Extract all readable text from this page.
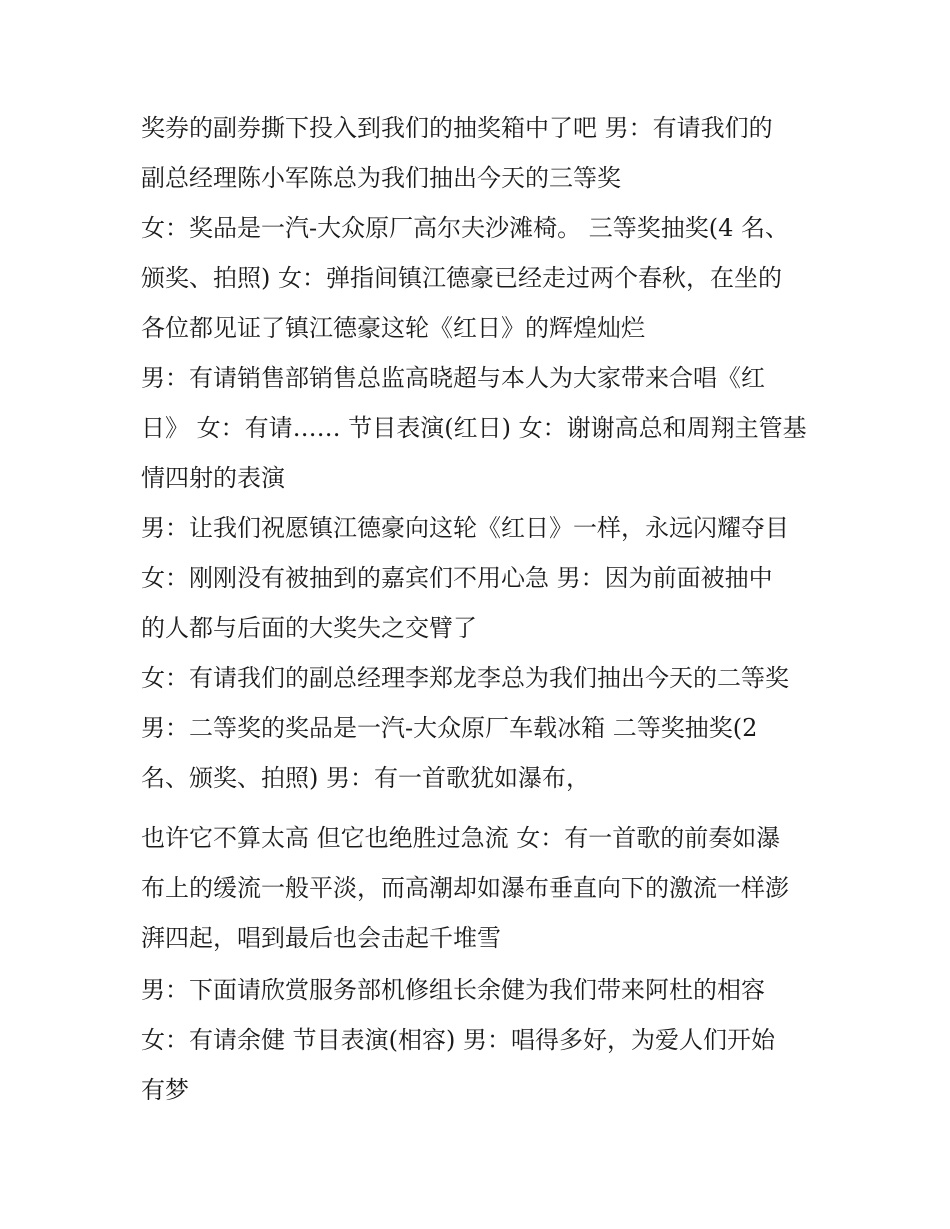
奖券的副券撕下投入到我们的抽奖箱中了吧 男：有请我们的
副总经理陈小军陈总为我们抽出今天的三等奖
女：奖品是一汽-大众原厂高尔夫沙滩椅。 三等奖抽奖(4 名、
颁奖、拍照) 女：弹指间镇江德豪已经走过两个春秋，在坐的
各位都见证了镇江德豪这轮《红日》的辉煌灿烂
男：有请销售部销售总监高晓超与本人为大家带来合唱《红
日》 女：有请…… 节目表演(红日) 女：谢谢高总和周翔主管基
情四射的表演
男：让我们祝愿镇江德豪向这轮《红日》一样，永远闪耀夺目
女：刚刚没有被抽到的嘉宾们不用心急 男：因为前面被抽中
的人都与后面的大奖失之交臂了
女：有请我们的副总经理李郑龙李总为我们抽出今天的二等奖
男：二等奖的奖品是一汽-大众原厂车载冰箱 二等奖抽奖(2
名、颁奖、拍照) 男：有一首歌犹如瀑布，
也许它不算太高 但它也绝胜过急流 女：有一首歌的前奏如瀑
布上的缓流一般平淡，而高潮却如瀑布垂直向下的激流一样澎
湃四起，唱到最后也会击起千堆雪
男：下面请欣赏服务部机修组长余健为我们带来阿杜的相容
女：有请余健 节目表演(相容) 男：唱得多好，为爱人们开始
有梦
